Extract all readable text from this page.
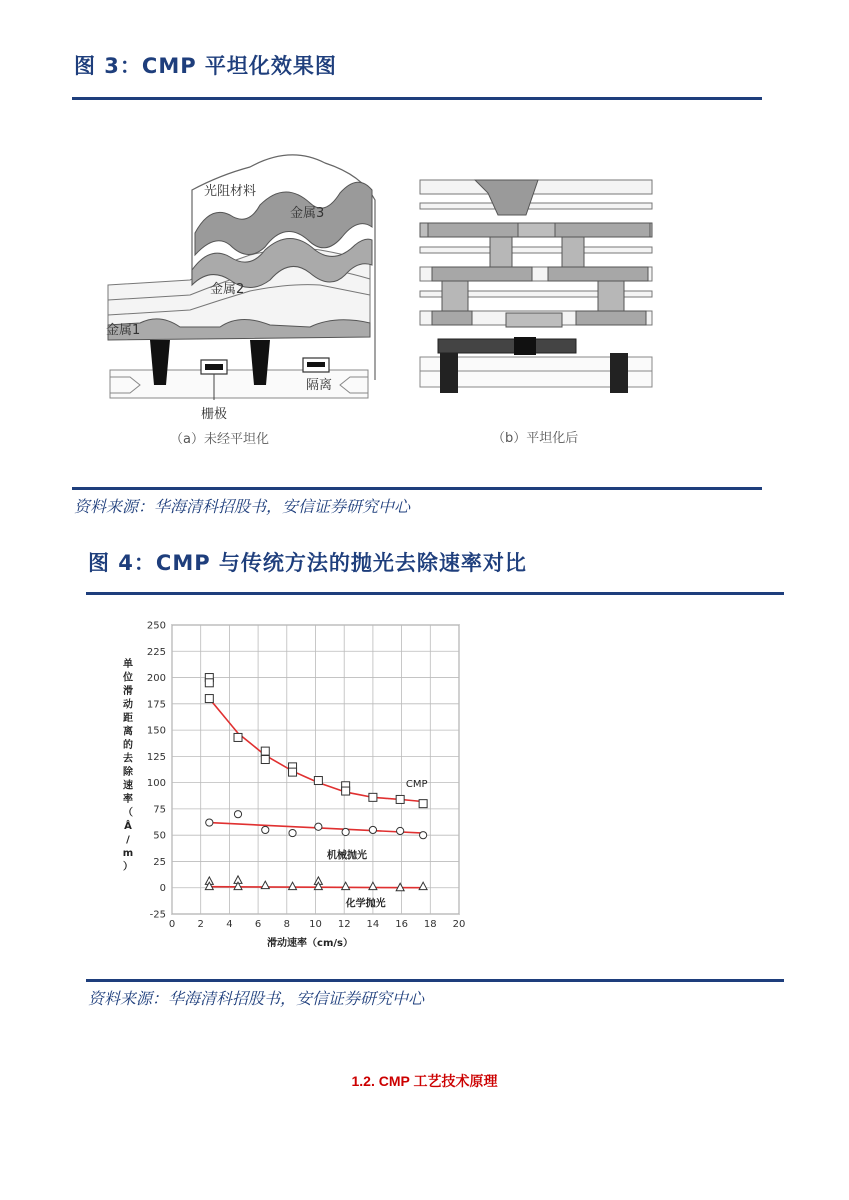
图 3：CMP 平坦化效果图
光阻材料
金属3
金属2
金属1
栅极
隔离
（a）未经平坦化	（b）平坦化后
资料来源：华海清科招股书，安信证券研究中心
图 4：CMP 与传统方法的抛光去除速率对比
250
225
200
175
150
125
100
75
50
25
0
-25
0 2 4 6 8 10 12 14 16 18 20
CMP
机械抛光
化学抛光
滑动速率（cm/s）
单位滑动距离的去除速率（ Å / m ）
资料来源：华海清科招股书，安信证券研究中心
1.2. CMP 工艺技术原理
